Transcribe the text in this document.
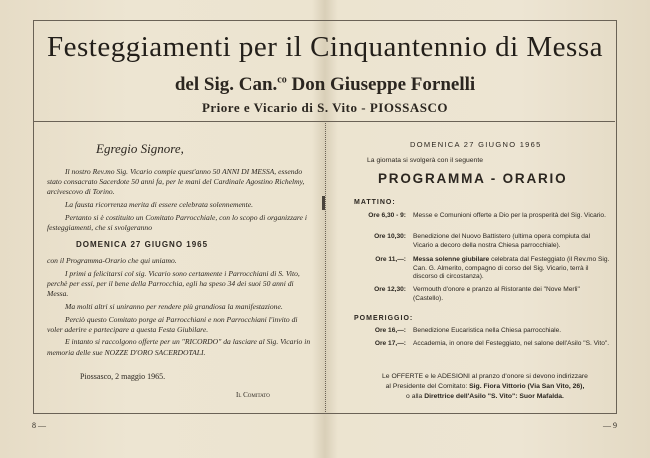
Festeggiamenti per il Cinquantennio di Messa
del Sig. Can.$^{co}$ Don Giuseppe Fornelli
Priore e Vicario di S. Vito - PIOSSASCO
Egregio Signore,

Il nostro Rev.mo Sig. Vicario compie quest'anno 50 ANNI DI MESSA, essendo stato consacrato Sacerdote 50 anni fa, per le mani del Cardinale Agostino Richelmy, arcivescovo di Torino.

La fausta ricorrenza merita di essere celebrata solennemente.

Pertanto si è costituito un Comitato Parrocchiale, con lo scopo di organizzare i festeggiamenti, che si svolgeranno

DOMENICA 27 GIUGNO 1965

con il Programma-Orario che qui uniamo.

I primi a felicitarsi col sig. Vicario sono certamente i Parrocchiani di S. Vito, perchè per essi, per il bene della Parrocchia, egli ha speso 34 dei suoi 50 anni di Messa.

Ma molti altri si uniranno per rendere più grandiosa la manifestazione.

Perciò questo Comitato porge ai Parrocchiani e non Parrocchiani l'invito di voler aderire e partecipare a questa Festa Giubilare.

E intanto si raccolgono offerte per un "RICORDO" da lasciare al Sig. Vicario in memoria delle sue NOZZE D'ORO SACERDOTALI.

Piossasco, 2 maggio 1965.
Il Comitato
DOMENICA 27 GIUGNO 1965
La giornata si svolgerà con il seguente
PROGRAMMA - ORARIO
MATTINO:
Ore 6,30 - 9: Messe e Comunioni offerte a Dio per la prosperità del Sig. Vicario.
Ore 10,30: Benedizione del Nuovo Battistero (ultima opera compiuta dal Vicario a decoro della nostra Chiesa parrocchiale).
Ore 11,—: Messa solenne giubilare celebrata dal Festeggiato (il Rev.mo Sig. Can. G. Almerito, compagno di corso del Sig. Vicario, terrà il discorso di circostanza).
Ore 12,30: Vermouth d'onore e pranzo al Ristorante dei "Nove Merli" (Castello).
POMERIGGIO:
Ore 16,—: Benedizione Eucaristica nella Chiesa parrocchiale.
Ore 17,—: Accademia, in onore del Festeggiato, nel salone dell'Asilo "S. Vito".
Le OFFERTE e le ADESIONI al pranzo d'onore si devono indirizzare
al Presidente del Comitato: Sig. Fiora Vittorio (Via San Vito, 26),
o alla Direttrice dell'Asilo "S. Vito": Suor Mafalda.
8 —	— 9
